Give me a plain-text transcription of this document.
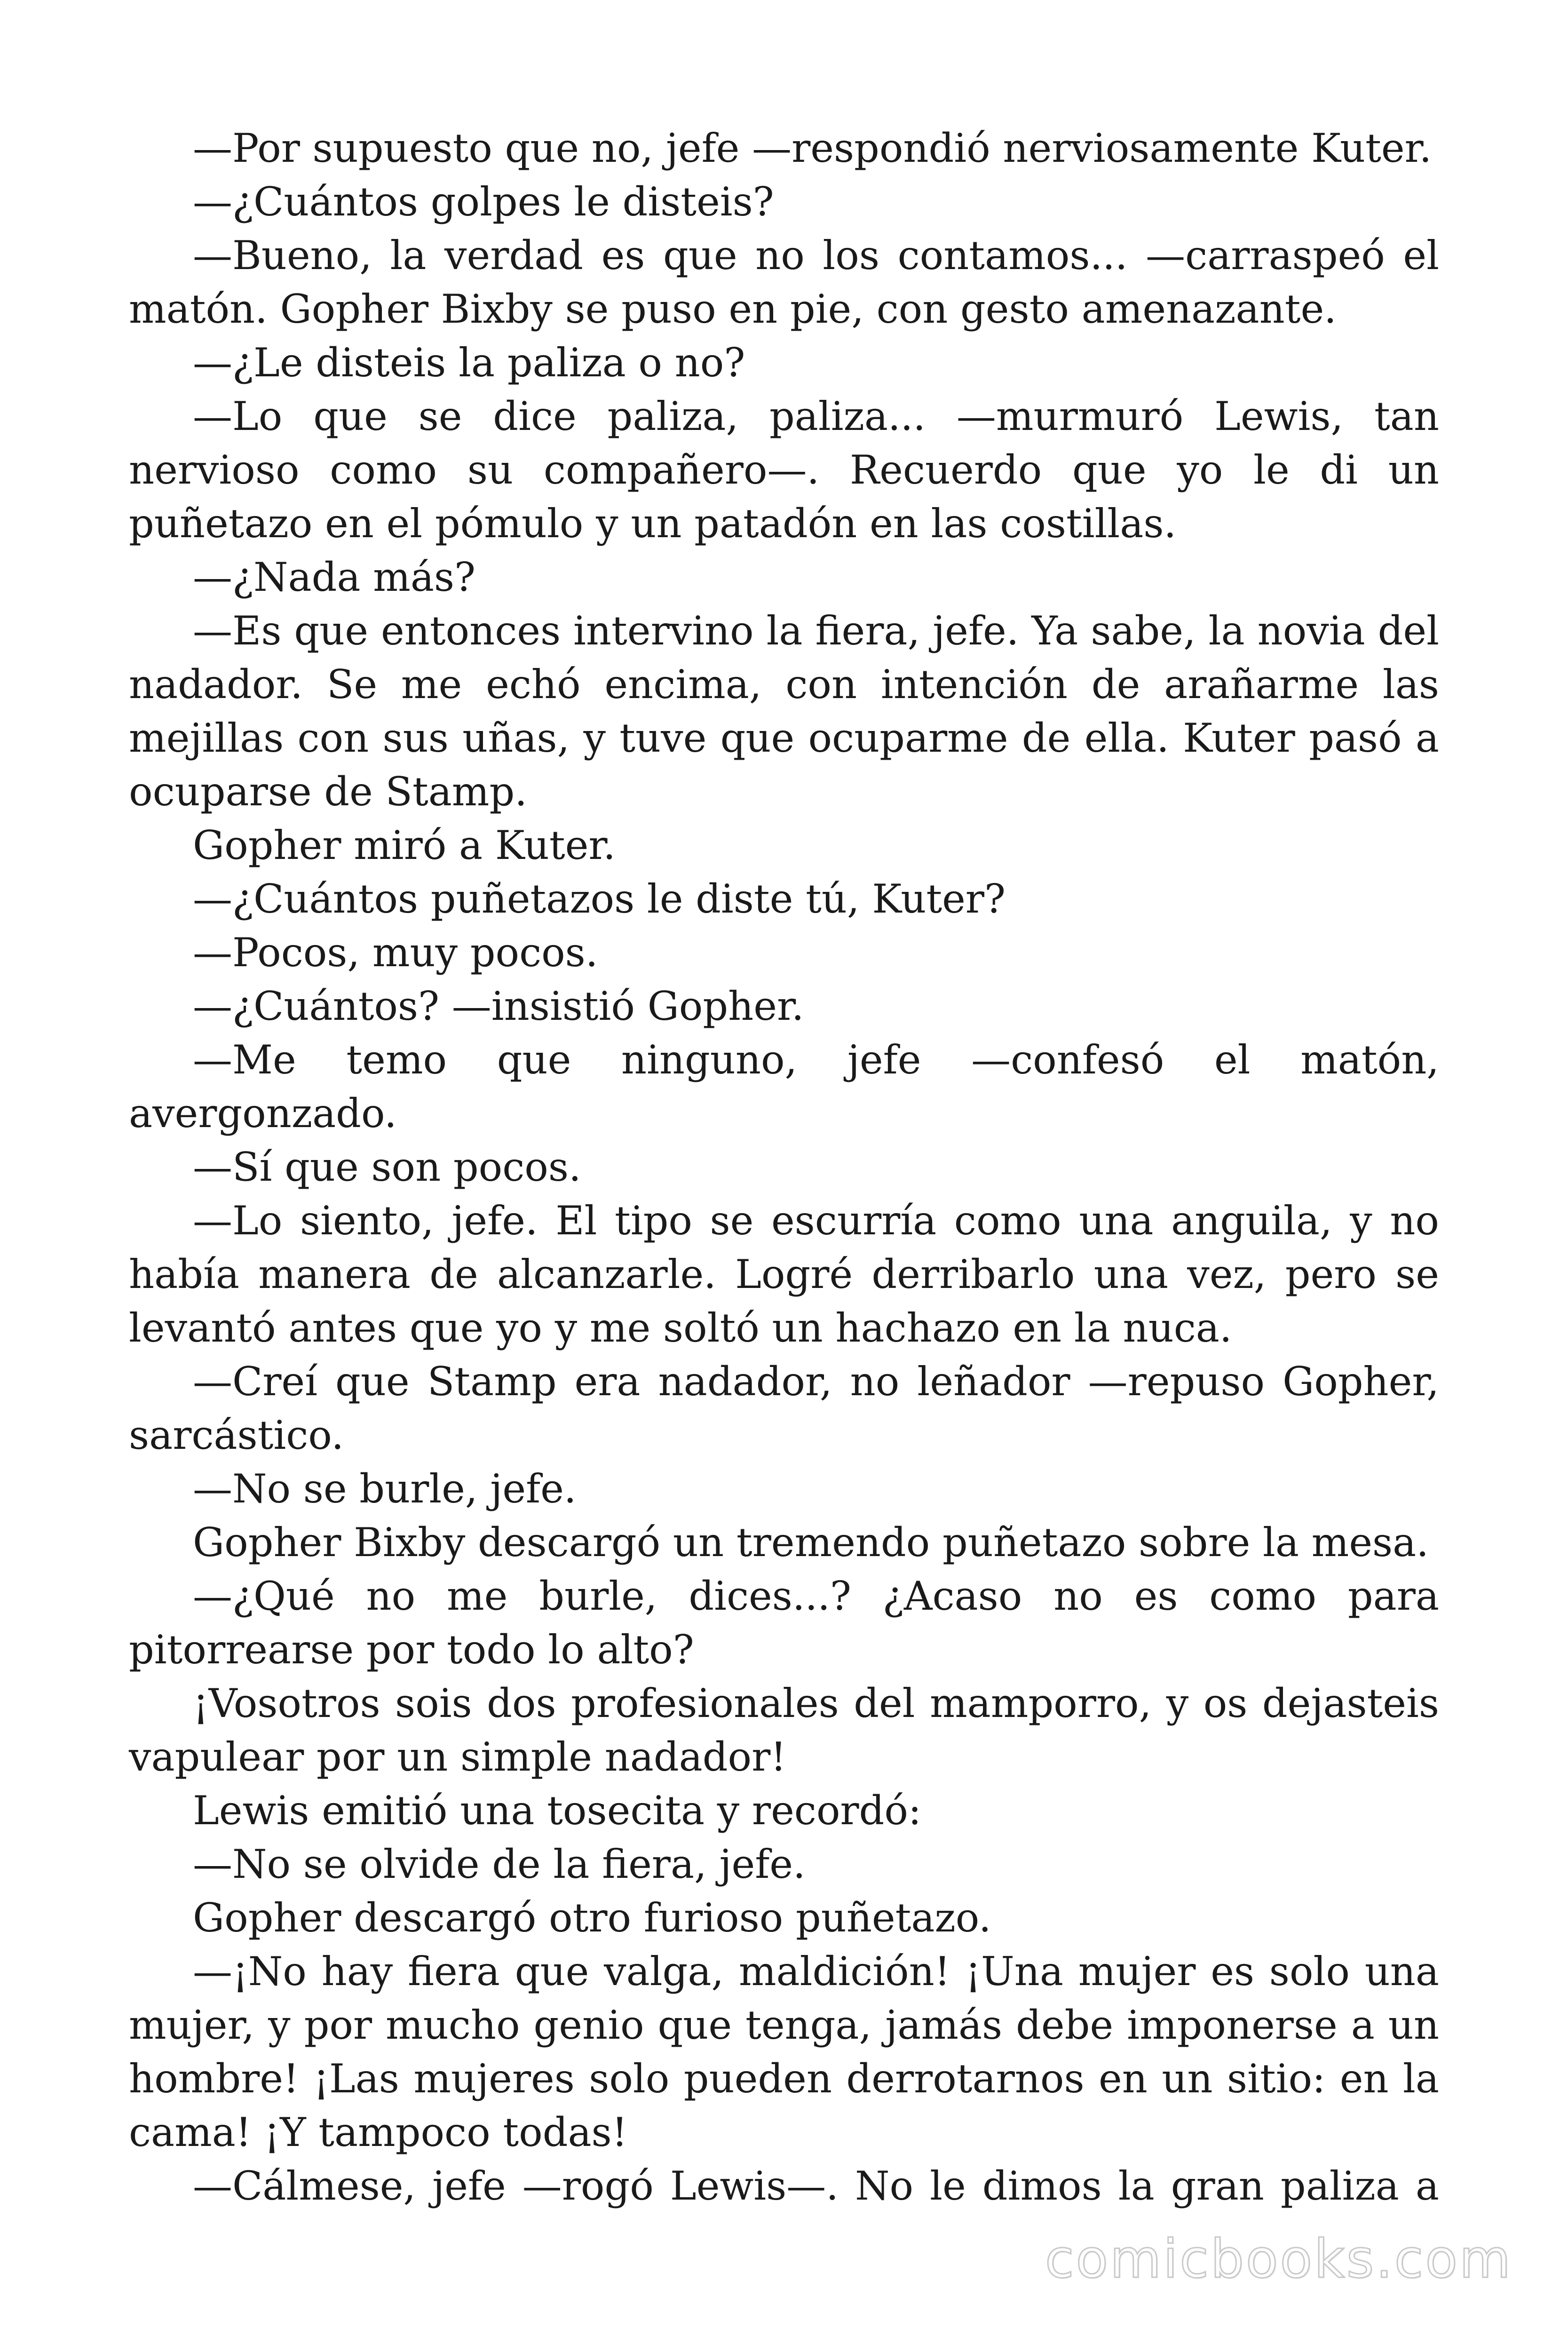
—Por supuesto que no, jefe —respondió nerviosamente Kuter.

—¿Cuántos golpes le disteis?

—Bueno, la verdad es que no los contamos... —carraspeó el matón. Gopher Bixby se puso en pie, con gesto amenazante.

—¿Le disteis la paliza o no?

—Lo que se dice paliza, paliza... —murmuró Lewis, tan nervioso como su compañero—. Recuerdo que yo le di un puñetazo en el pómulo y un patadón en las costillas.

—¿Nada más?

—Es que entonces intervino la fiera, jefe. Ya sabe, la novia del nadador. Se me echó encima, con intención de arañarme las mejillas con sus uñas, y tuve que ocuparme de ella. Kuter pasó a ocuparse de Stamp.

Gopher miró a Kuter.

—¿Cuántos puñetazos le diste tú, Kuter?

—Pocos, muy pocos.

—¿Cuántos? —insistió Gopher.

—Me temo que ninguno, jefe —confesó el matón, avergonzado.

—Sí que son pocos.

—Lo siento, jefe. El tipo se escurría como una anguila, y no había manera de alcanzarle. Logré derribarlo una vez, pero se levantó antes que yo y me soltó un hachazo en la nuca.

—Creí que Stamp era nadador, no leñador —repuso Gopher, sarcástico.

—No se burle, jefe.

Gopher Bixby descargó un tremendo puñetazo sobre la mesa.

—¿Qué no me burle, dices...? ¿Acaso no es como para pitorrearse por todo lo alto?

¡Vosotros sois dos profesionales del mamporro, y os dejasteis vapulear por un simple nadador!

Lewis emitió una tosecita y recordó:

—No se olvide de la fiera, jefe.

Gopher descargó otro furioso puñetazo.

—¡No hay fiera que valga, maldición! ¡Una mujer es solo una mujer, y por mucho genio que tenga, jamás debe imponerse a un hombre! ¡Las mujeres solo pueden derrotarnos en un sitio: en la cama! ¡Y tampoco todas!

—Cálmese, jefe —rogó Lewis—. No le dimos la gran paliza a

comicbooks.com
